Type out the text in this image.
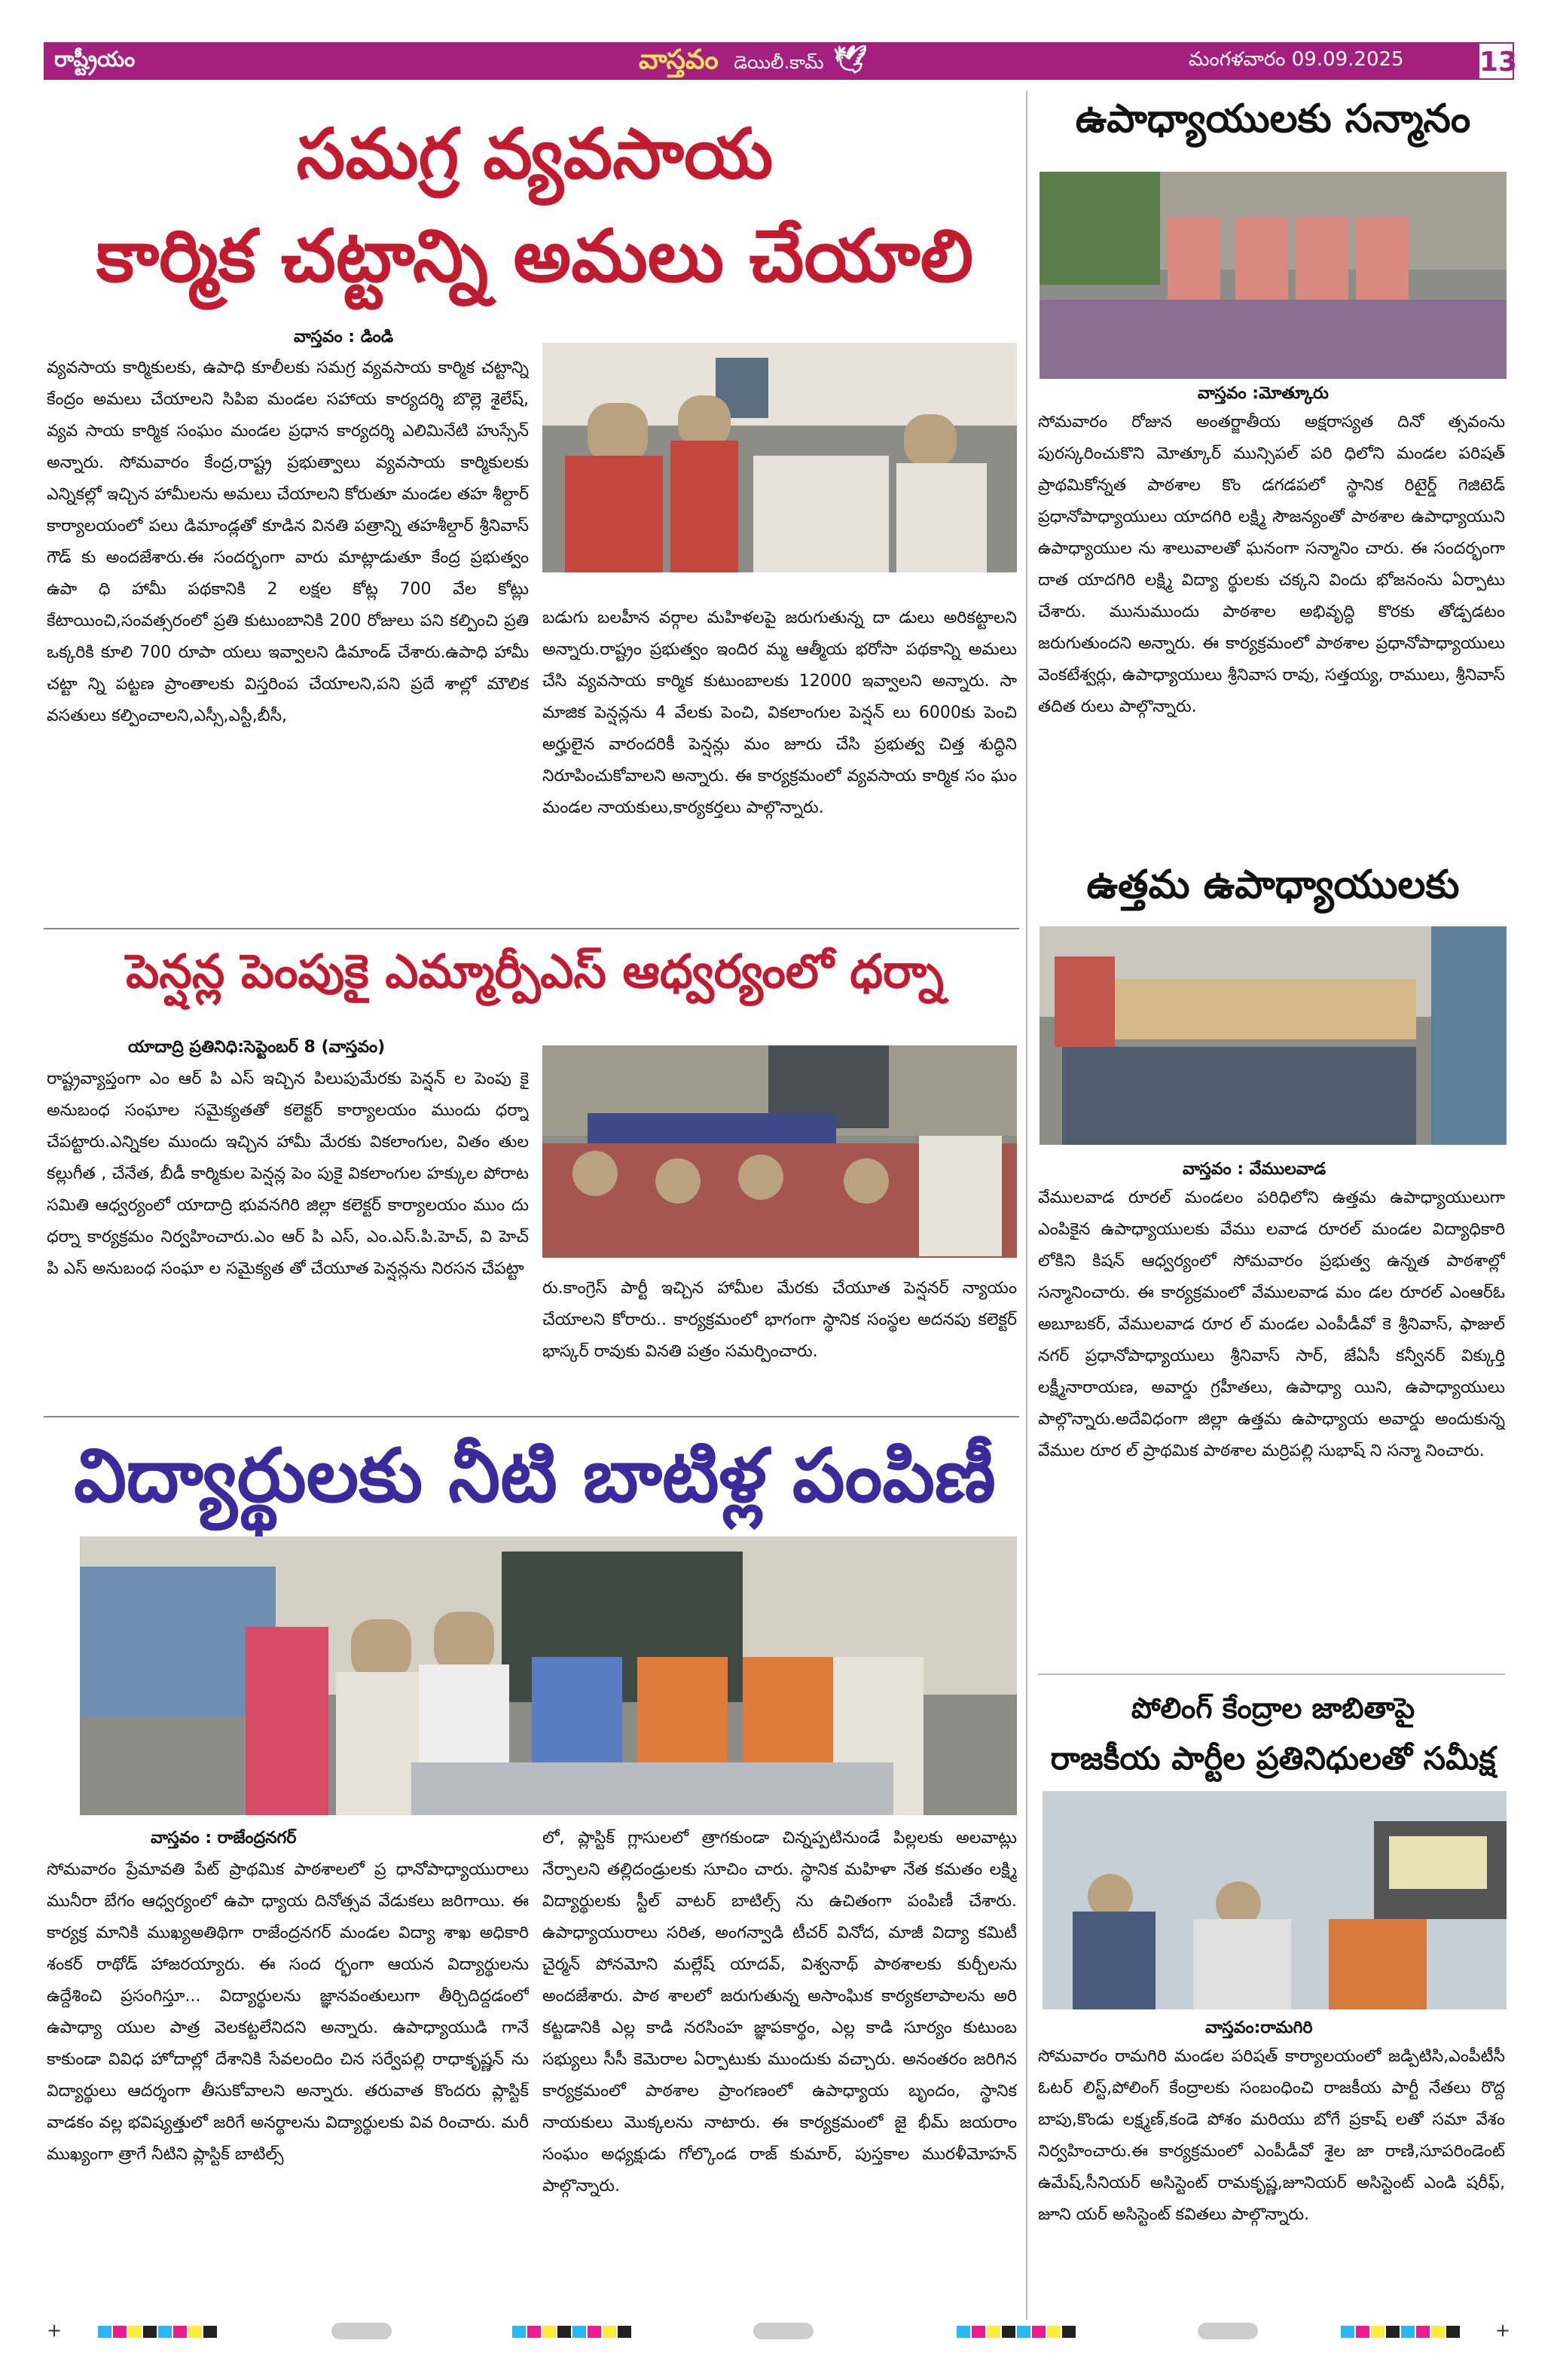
రాష్ట్రీయం	వాస్తవం డెయిలీ.కామ్ 🕊	మంగళవారం 09.09.2025	13
సమగ్ర వ్యవసాయ
కార్మిక చట్టాన్ని అమలు చేయాలి
వాస్తవం : డిండి
వ్యవసాయ కార్మికులకు, ఉపాధి కూలీలకు సమగ్ర వ్యవసాయ కార్మిక చట్టాన్ని కేంద్రం అమలు చేయాలని సిపిఐ మండల సహాయ కార్యదర్శి బొల్లె శైలేష్, వ్యవ సాయ కార్మిక సంఘం మండల ప్రధాన కార్యదర్శి ఎలిమినేటి హుస్సేన్ అన్నారు. సోమవారం కేంద్ర,రాష్ట్ర ప్రభుత్వాలు వ్యవసాయ కార్మికులకు ఎన్నికల్లో ఇచ్చిన హామీలను అమలు చేయాలని కోరుతూ మండల తహ శీల్దార్ కార్యాలయంలో పలు డిమాండ్లతో కూడిన వినతి పత్రాన్ని తహశీల్దార్ శ్రీనివాస్ గౌడ్ కు అందజేశారు.ఈ సందర్భంగా వారు మాట్లాడుతూ కేంద్ర ప్రభుత్వం ఉపా ధి హామీ పథకానికి 2 లక్షల కోట్ల 700 వేల కోట్లు కేటాయించి,సంవత్సరంలో ప్రతి కుటుంబానికి 200 రోజులు పని కల్పించి ప్రతి ఒక్కరికి కూలి 700 రూపా యలు ఇవ్వాలని డిమాండ్ చేశారు.ఉపాధి హామీ చట్టా న్ని పట్టణ ప్రాంతాలకు విస్తరింప చేయాలని,పని ప్రదే శాల్లో మౌలిక వసతులు కల్పించాలని,ఎస్సీ,ఎస్టీ,బీసీ,
బడుగు బలహీన వర్గాల మహిళలపై జరుగుతున్న దా డులు అరికట్టాలని అన్నారు.రాష్ట్రం ప్రభుత్వం ఇందిర మ్మ ఆత్మీయ భరోసా పథకాన్ని అమలు చేసి వ్యవసాయ కార్మిక కుటుంబాలకు 12000 ఇవ్వాలని అన్నారు. సా మాజిక పెన్షన్లను 4 వేలకు పెంచి, వికలాంగుల పెన్షన్ లు 6000కు పెంచి అర్హులైన వారందరికీ పెన్షన్లు మం జూరు చేసి ప్రభుత్వ చిత్త శుద్ధిని నిరూపించుకోవాలని అన్నారు. ఈ కార్యక్రమంలో వ్యవసాయ కార్మిక సం ఘం మండల నాయకులు,కార్యకర్తలు పాల్గొన్నారు.
పెన్షన్ల పెంపుకై ఎమ్మార్పీఎస్ ఆధ్వర్యంలో ధర్నా
యాదాద్రి ప్రతినిధి:సెప్టెంబర్ 8 (వాస్తవం)
రాష్ట్రవ్యాప్తంగా ఎం ఆర్ పి ఎస్ ఇచ్చిన పిలుపుమేరకు పెన్షన్ ల పెంపు కై అనుబంధ సంఘాల సమైక్యతతో కలెక్టర్ కార్యాలయం ముందు ధర్నా చేపట్టారు.ఎన్నికల ముందు ఇచ్చిన హామీ మేరకు వికలాంగుల, వితం తుల కల్లుగీత , చేనేత, బీడీ కార్మికుల పెన్షన్ల పెం పుకై వికలాంగుల హక్కుల పోరాట సమితి ఆధ్వర్యంలో యాదాద్రి భువనగిరి జిల్లా కలెక్టర్ కార్యాలయం ముం దు ధర్నా కార్యక్రమం నిర్వహించారు.ఎం ఆర్ పి ఎస్, ఎం.ఎస్.పి.హెచ్, వి హెచ్ పి ఎస్ అనుబంధ సంఘా ల సమైక్యత తో చేయూత పెన్షన్లను నిరసన చేపట్టా
రు.కాంగ్రెస్ పార్టీ ఇచ్చిన హామీల మేరకు చేయూత పెన్షనర్ న్యాయం చేయాలని కోరారు.. కార్యక్రమంలో భాగంగా స్థానిక సంస్థల అదనపు కలెక్టర్ భాస్కర్ రావుకు వినతి పత్రం సమర్పించారు.
విద్యార్థులకు నీటి బాటిళ్ల పంపిణీ
వాస్తవం : రాజేంద్రనగర్
సోమవారం ప్రేమావతి పేట్ ప్రాథమిక పాఠశాలలో ప్ర ధానోపాధ్యాయురాలు మునీరా బేగం ఆధ్వర్యంలో ఉపా ధ్యాయ దినోత్సవ వేడుకలు జరిగాయి. ఈ కార్యక్ర మానికి ముఖ్యఅతిథిగా రాజేంద్రనగర్ మండల విద్యా శాఖ అధికారి శంకర్ రాథోడ్ హాజరయ్యారు. ఈ సంద ర్భంగా ఆయన విద్యార్థులను ఉద్దేశించి ప్రసంగిస్తూ... విద్యార్థులను జ్ఞానవంతులుగా తీర్చిదిద్దడంలో ఉపాధ్యా యుల పాత్ర వెలకట్టలేనిదని అన్నారు. ఉపాధ్యాయుడి గానే కాకుండా వివిధ హోదాల్లో దేశానికి సేవలందిం చిన సర్వేపల్లి రాధాకృష్ణన్ ను విద్యార్థులు ఆదర్శంగా తీసుకోవాలని అన్నారు. తరువాత కొందరు ప్లాస్టిక్ వాడకం వల్ల భవిష్యత్తులో జరిగే అనర్థాలను విద్యార్థులకు వివ రించారు. మరీ ముఖ్యంగా త్రాగే నీటిని ప్లాస్టిక్ బాటిల్స్
లో, ప్లాస్టిక్ గ్లాసులలో త్రాగకుండా చిన్నప్పటినుండే పిల్లలకు అలవాట్లు నేర్పాలని తల్లిదండ్రులకు సూచిం చారు. స్థానిక మహిళా నేత కమతం లక్ష్మి విద్యార్థులకు స్టీల్ వాటర్ బాటిల్స్ ను ఉచితంగా పంపిణీ చేశారు. ఉపాధ్యాయురాలు సరిత, అంగన్వాడి టీచర్ వినోద, మాజీ విద్యా కమిటీ చైర్మన్ పోనమోని మల్లేష్ యాదవ్, విశ్వనాథ్ పాఠశాలకు కుర్చీలను అందజేశారు. పాఠ శాలలో జరుగుతున్న అసాంఘిక కార్యకలాపాలను అరి కట్టడానికి ఎల్ల కాడి నరసింహ జ్ఞాపకార్థం, ఎల్ల కాడి సూర్యం కుటుంబ సభ్యులు సీసీ కెమెరాల ఏర్పాటుకు ముందుకు వచ్చారు. అనంతరం జరిగిన కార్యక్రమంలో పాఠశాల ప్రాంగణంలో ఉపాధ్యాయ బృందం, స్థానిక నాయకులు మొక్కలను నాటారు. ఈ కార్యక్రమంలో జై భీమ్ జయరాం సంఘం అధ్యక్షుడు గోల్కొండ రాజ్ కుమార్, పుస్తకాల మురళీమోహన్ పాల్గొన్నారు.
ఉపాధ్యాయులకు సన్మానం
వాస్తవం :మోత్కూరు
సోమవారం రోజున అంతర్జాతీయ అక్షరాస్యత దినో త్సవంను పురస్కరించుకొని మోత్కూర్ మున్సిపల్ పరి ధిలోని మండల పరిషత్ ప్రాథమికోన్నత పాఠశాల కొం డగడపలో స్థానిక రిటైర్డ్ గెజిటెడ్ ప్రధానోపాధ్యాయులు యాదగిరి లక్ష్మి సౌజన్యంతో పాఠశాల ఉపాధ్యాయుని ఉపాధ్యాయుల ను శాలువాలతో ఘనంగా సన్మానిం చారు. ఈ సందర్భంగా దాత యాదగిరి లక్ష్మి విద్యా ర్థులకు చక్కని విందు భోజనంను ఏర్పాటు చేశారు. మునుముందు పాఠశాల అభివృద్ధి కొరకు తోడ్పడటం జరుగుతుందని అన్నారు. ఈ కార్యక్రమంలో పాఠశాల ప్రధానోపాధ్యాయులు వెంకటేశ్వర్లు, ఉపాధ్యాయులు శ్రీనివాస రావు, సత్తయ్య, రాములు, శ్రీనివాస్ తదిత రులు పాల్గొన్నారు.
ఉత్తమ ఉపాధ్యాయులకు
వాస్తవం : వేములవాడ
వేములవాడ రూరల్ మండలం పరిధిలోని ఉత్తమ ఉపాధ్యాయులుగా ఎంపికైన ఉపాధ్యాయులకు వేము లవాడ రూరల్ మండల విద్యాధికారి లోకిని కిషన్ ఆధ్వర్యంలో సోమవారం ప్రభుత్వ ఉన్నత పాఠశాల్లో సన్మానించారు. ఈ కార్యక్రమంలో వేములవాడ మం డల రూరల్ ఎంఆర్ఓ అబూబకర్, వేములవాడ రూర ల్ మండల ఎంపీడీవో కె శ్రీనివాస్, ఫాజుల్ నగర్ ప్రధానోపాధ్యాయులు శ్రీనివాస్ సార్, జేఏసీ కన్వీనర్ విక్కుర్తి లక్ష్మీనారాయణ, అవార్డు గ్రహీతలు, ఉపాధ్యా యిని, ఉపాధ్యాయులు పాల్గొన్నారు.అదేవిధంగా జిల్లా ఉత్తమ ఉపాధ్యాయ అవార్డు అందుకున్న వేముల రూర ల్ ప్రాథమిక పాఠశాల మర్రిపల్లి సుభాష్ ని సన్మా నించారు.
పోలింగ్ కేంద్రాల జాబితాపై
రాజకీయ పార్టీల ప్రతినిధులతో సమీక్ష
వాస్తవం:రామగిరి
సోమవారం రామగిరి మండల పరిషత్ కార్యాలయంలో జడ్పిటిసి,ఎంపీటీసీ ఓటర్ లిస్ట్,పోలింగ్ కేంద్రాలకు సంబంధించి రాజకీయ పార్టీ నేతలు రొద్ద బాపు,కొండు లక్ష్మణ్,కండె పోశం మరియు బోగే ప్రకాష్ లతో సమా వేశం నిర్వహించారు.ఈ కార్యక్రమంలో ఎంపీడీవో శైల జా రాణి,సూపరిండెంట్ ఉమేష్,సీనియర్ అసిస్టెంట్ రామకృష్ణ,జూనియర్ అసిస్టెంట్ ఎండి షరీఫ్, జూని యర్ అసిస్టెంట్ కవితలు పాల్గొన్నారు.
+	+
